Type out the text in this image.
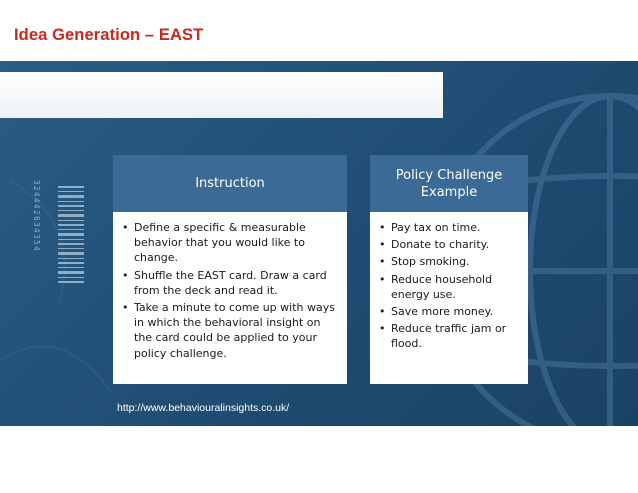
324442634354
Idea Generation – EAST
Instruction
• Define a specific & measurable behavior that you would like to change.
• Shuffle the EAST card. Draw a card from the deck and read it.
• Take a minute to come up with ways in which the behavioral insight on the card could be applied to your policy challenge.
Policy Challenge Example
• Pay tax on time.
• Donate to charity.
• Stop smoking.
• Reduce household energy use.
• Save more money.
• Reduce traffic jam or flood.
http://www.behaviouralinsights.co.uk/
